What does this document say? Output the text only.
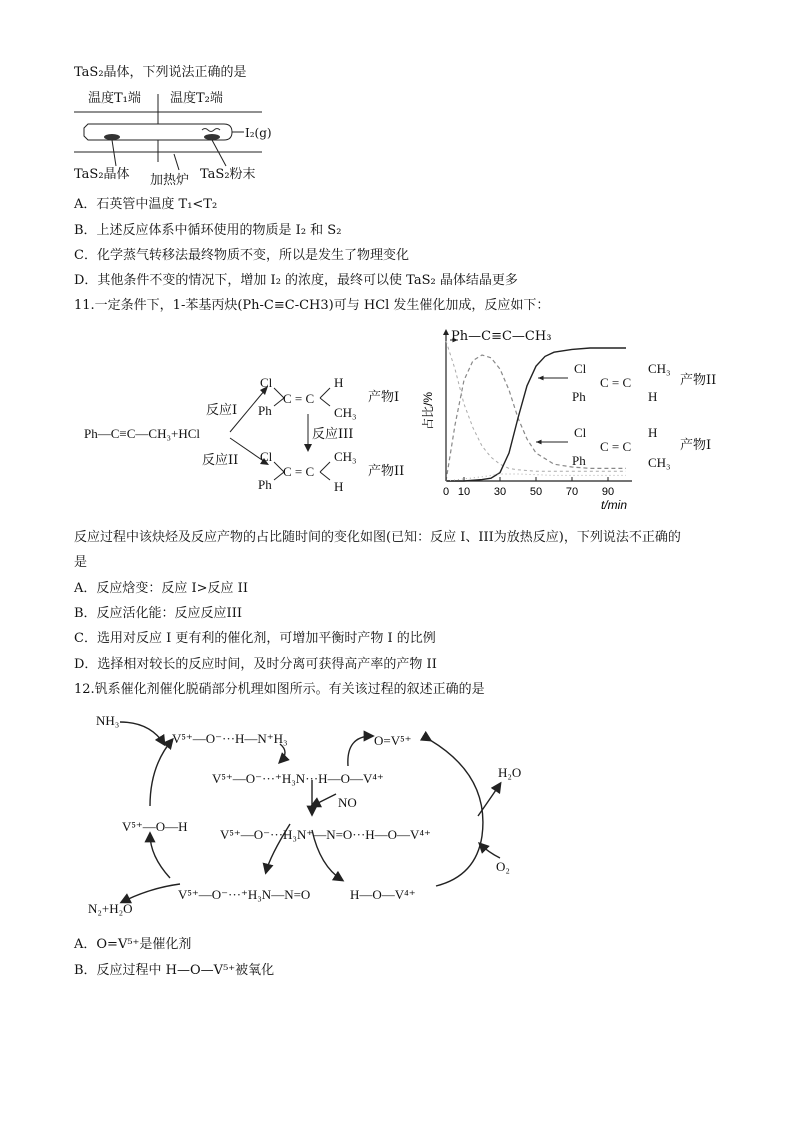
TaS₂晶体，下列说法正确的是
温度T₁端 温度T₂端
I₂(g)
TaS₂晶体 加热炉 TaS₂粉末
A．石英管中温度 T₁<T₂
B．上述反应体系中循环使用的物质是 I₂ 和 S₂
C．化学蒸气转移法最终物质不变，所以是发生了物理变化
D．其他条件不变的情况下，增加 I₂ 的浓度，最终可以使 TaS₂ 晶体结晶更多
11.一定条件下，1-苯基丙炔(Ph-C≡C-CH3)可与 HCl 发生催化加成，反应如下：
Ph—C≡C—CH₃+HCl
反应I
反应II
反应III
Cl
Ph
C = C
H
CH₃
产物I
Cl
Ph
C = C
CH₃
H
产物II
占比/%
t/min
0 10 30 50 70 90
Ph—C≡C—CH₃
Cl
Ph
C = C
CH₃
H
产物II
Cl
Ph
C = C
H
CH₃
产物I
反应过程中该炔烃及反应产物的占比随时间的变化如图(已知：反应 I、III为放热反应)，下列说法不正确的
是
A．反应焓变：反应 I>反应 II
B．反应活化能：反应反应III
C．选用对反应 I 更有利的催化剂，可增加平衡时产物 I 的比例
D．选择相对较长的反应时间，及时分离可获得高产率的产物 II
12.钒系催化剂催化脱硝部分机理如图所示。有关该过程的叙述正确的是
NH₃
V⁵⁺—O⁻···H—N⁺H₃	O=V⁵⁺
H₂O
V⁵⁺—O⁻···⁺H₃N···H—O—V⁴⁺
NO
V⁵⁺—O—H
V⁵⁺—O⁻···H₃N⁺—N=O···H—O—V⁴⁺
O₂
V⁵⁺—O⁻···⁺H₃N—N=O	H—O—V⁴⁺
N₂+H₂O
A．O=V⁵⁺是催化剂
B．反应过程中 H—O—V⁵⁺被氧化
